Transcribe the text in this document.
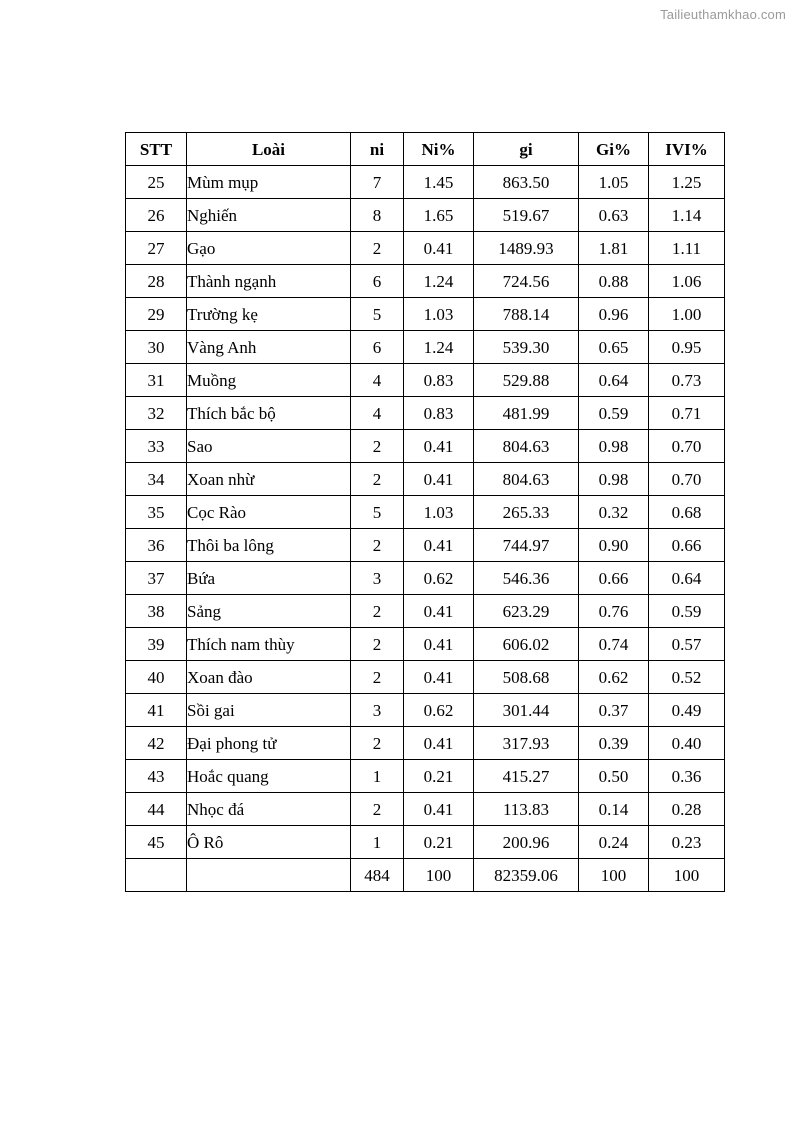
Tailieuthamkhao.com
STT	Loài	ni	Ni%	gi	Gi%	IVI%
25	Mùm mụp	7	1.45	863.50	1.05	1.25
26	Nghiến	8	1.65	519.67	0.63	1.14
27	Gạo	2	0.41	1489.93	1.81	1.11
28	Thành ngạnh	6	1.24	724.56	0.88	1.06
29	Trường kẹ	5	1.03	788.14	0.96	1.00
30	Vàng Anh	6	1.24	539.30	0.65	0.95
31	Muồng	4	0.83	529.88	0.64	0.73
32	Thích bắc bộ	4	0.83	481.99	0.59	0.71
33	Sao	2	0.41	804.63	0.98	0.70
34	Xoan nhừ	2	0.41	804.63	0.98	0.70
35	Cọc Rào	5	1.03	265.33	0.32	0.68
36	Thôi ba lông	2	0.41	744.97	0.90	0.66
37	Bứa	3	0.62	546.36	0.66	0.64
38	Sảng	2	0.41	623.29	0.76	0.59
39	Thích nam thùy	2	0.41	606.02	0.74	0.57
40	Xoan đào	2	0.41	508.68	0.62	0.52
41	Sồi gai	3	0.62	301.44	0.37	0.49
42	Đại phong tử	2	0.41	317.93	0.39	0.40
43	Hoắc quang	1	0.21	415.27	0.50	0.36
44	Nhọc đá	2	0.41	113.83	0.14	0.28
45	Ô Rô	1	0.21	200.96	0.24	0.23
		484	100	82359.06	100	100
